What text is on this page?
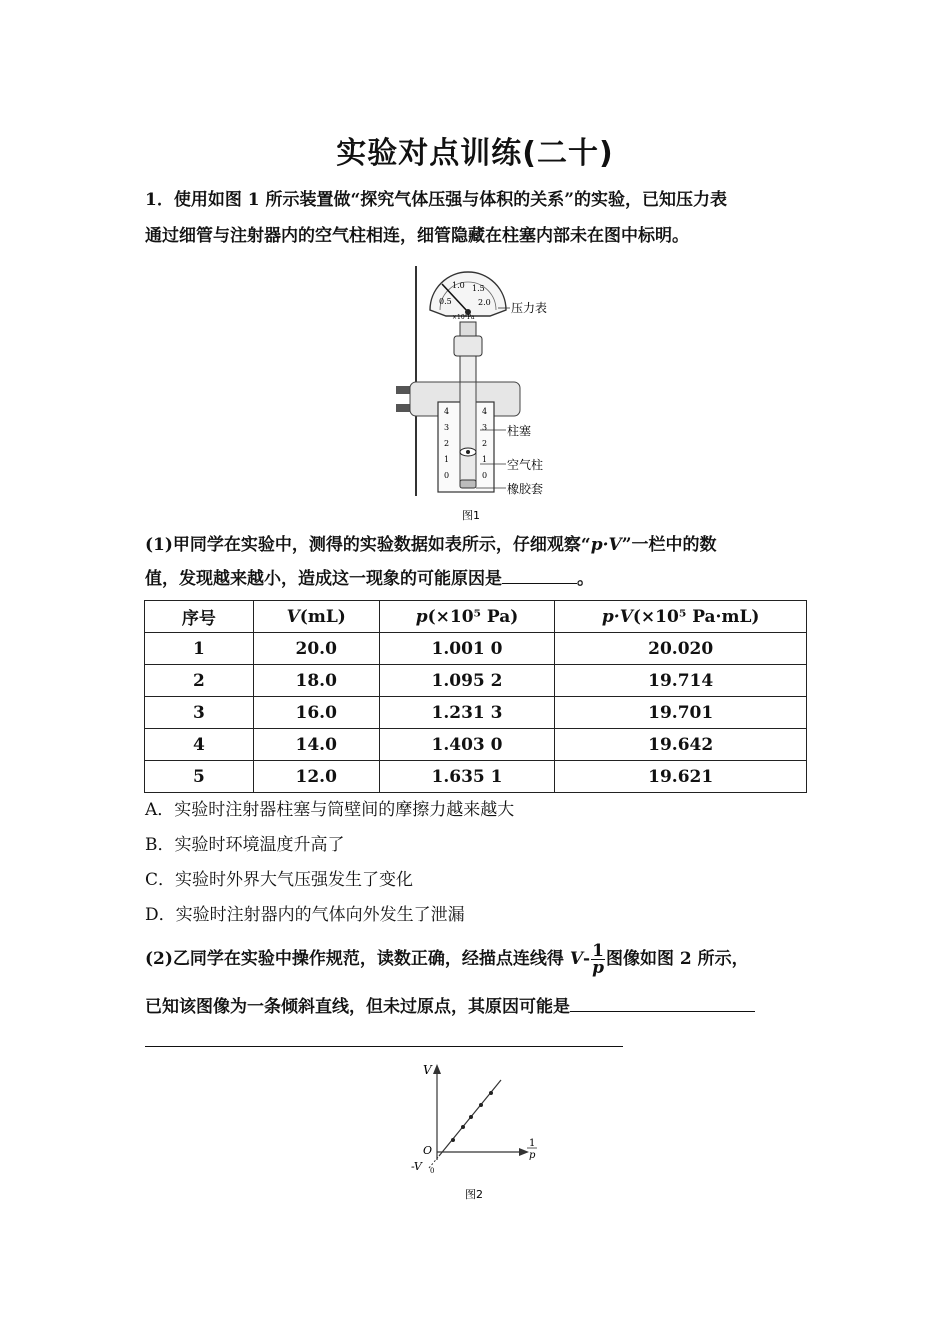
实验对点训练(二十)
1．使用如图 1 所示装置做“探究气体压强与体积的关系”的实验，已知压力表
通过细管与注射器内的空气柱相连，细管隐藏在柱塞内部未在图中标明。
0.5
1.0 1.5
2.0
×10⁵Pa
压力表
4
3
2
1
0
4
3
2
1
0
柱塞
空气柱
橡胶套
图1
(1)甲同学在实验中，测得的实验数据如表所示，仔细观察“p·V”一栏中的数
值，发现越来越小，造成这一现象的可能原因是	。
序号	V(mL)	p(×10⁵ Pa)	p·V(×10⁵ Pa·mL)
1	20.0	1.001 0	20.020
2	18.0	1.095 2	19.714
3	16.0	1.231 3	19.701
4	14.0	1.403 0	19.642
5	12.0	1.635 1	19.621
A．实验时注射器柱塞与筒壁间的摩擦力越来越大
B．实验时环境温度升高了
C．实验时外界大气压强发生了变化
D．实验时注射器内的气体向外发生了泄漏
(2)乙同学在实验中操作规范，读数正确，经描点连线得 $V- \frac{1}{p}$ 图像如图 2 所示，
已知该图像为一条倾斜直线，但未过原点，其原因可能是
V
O
-V 0
1
p
图2
